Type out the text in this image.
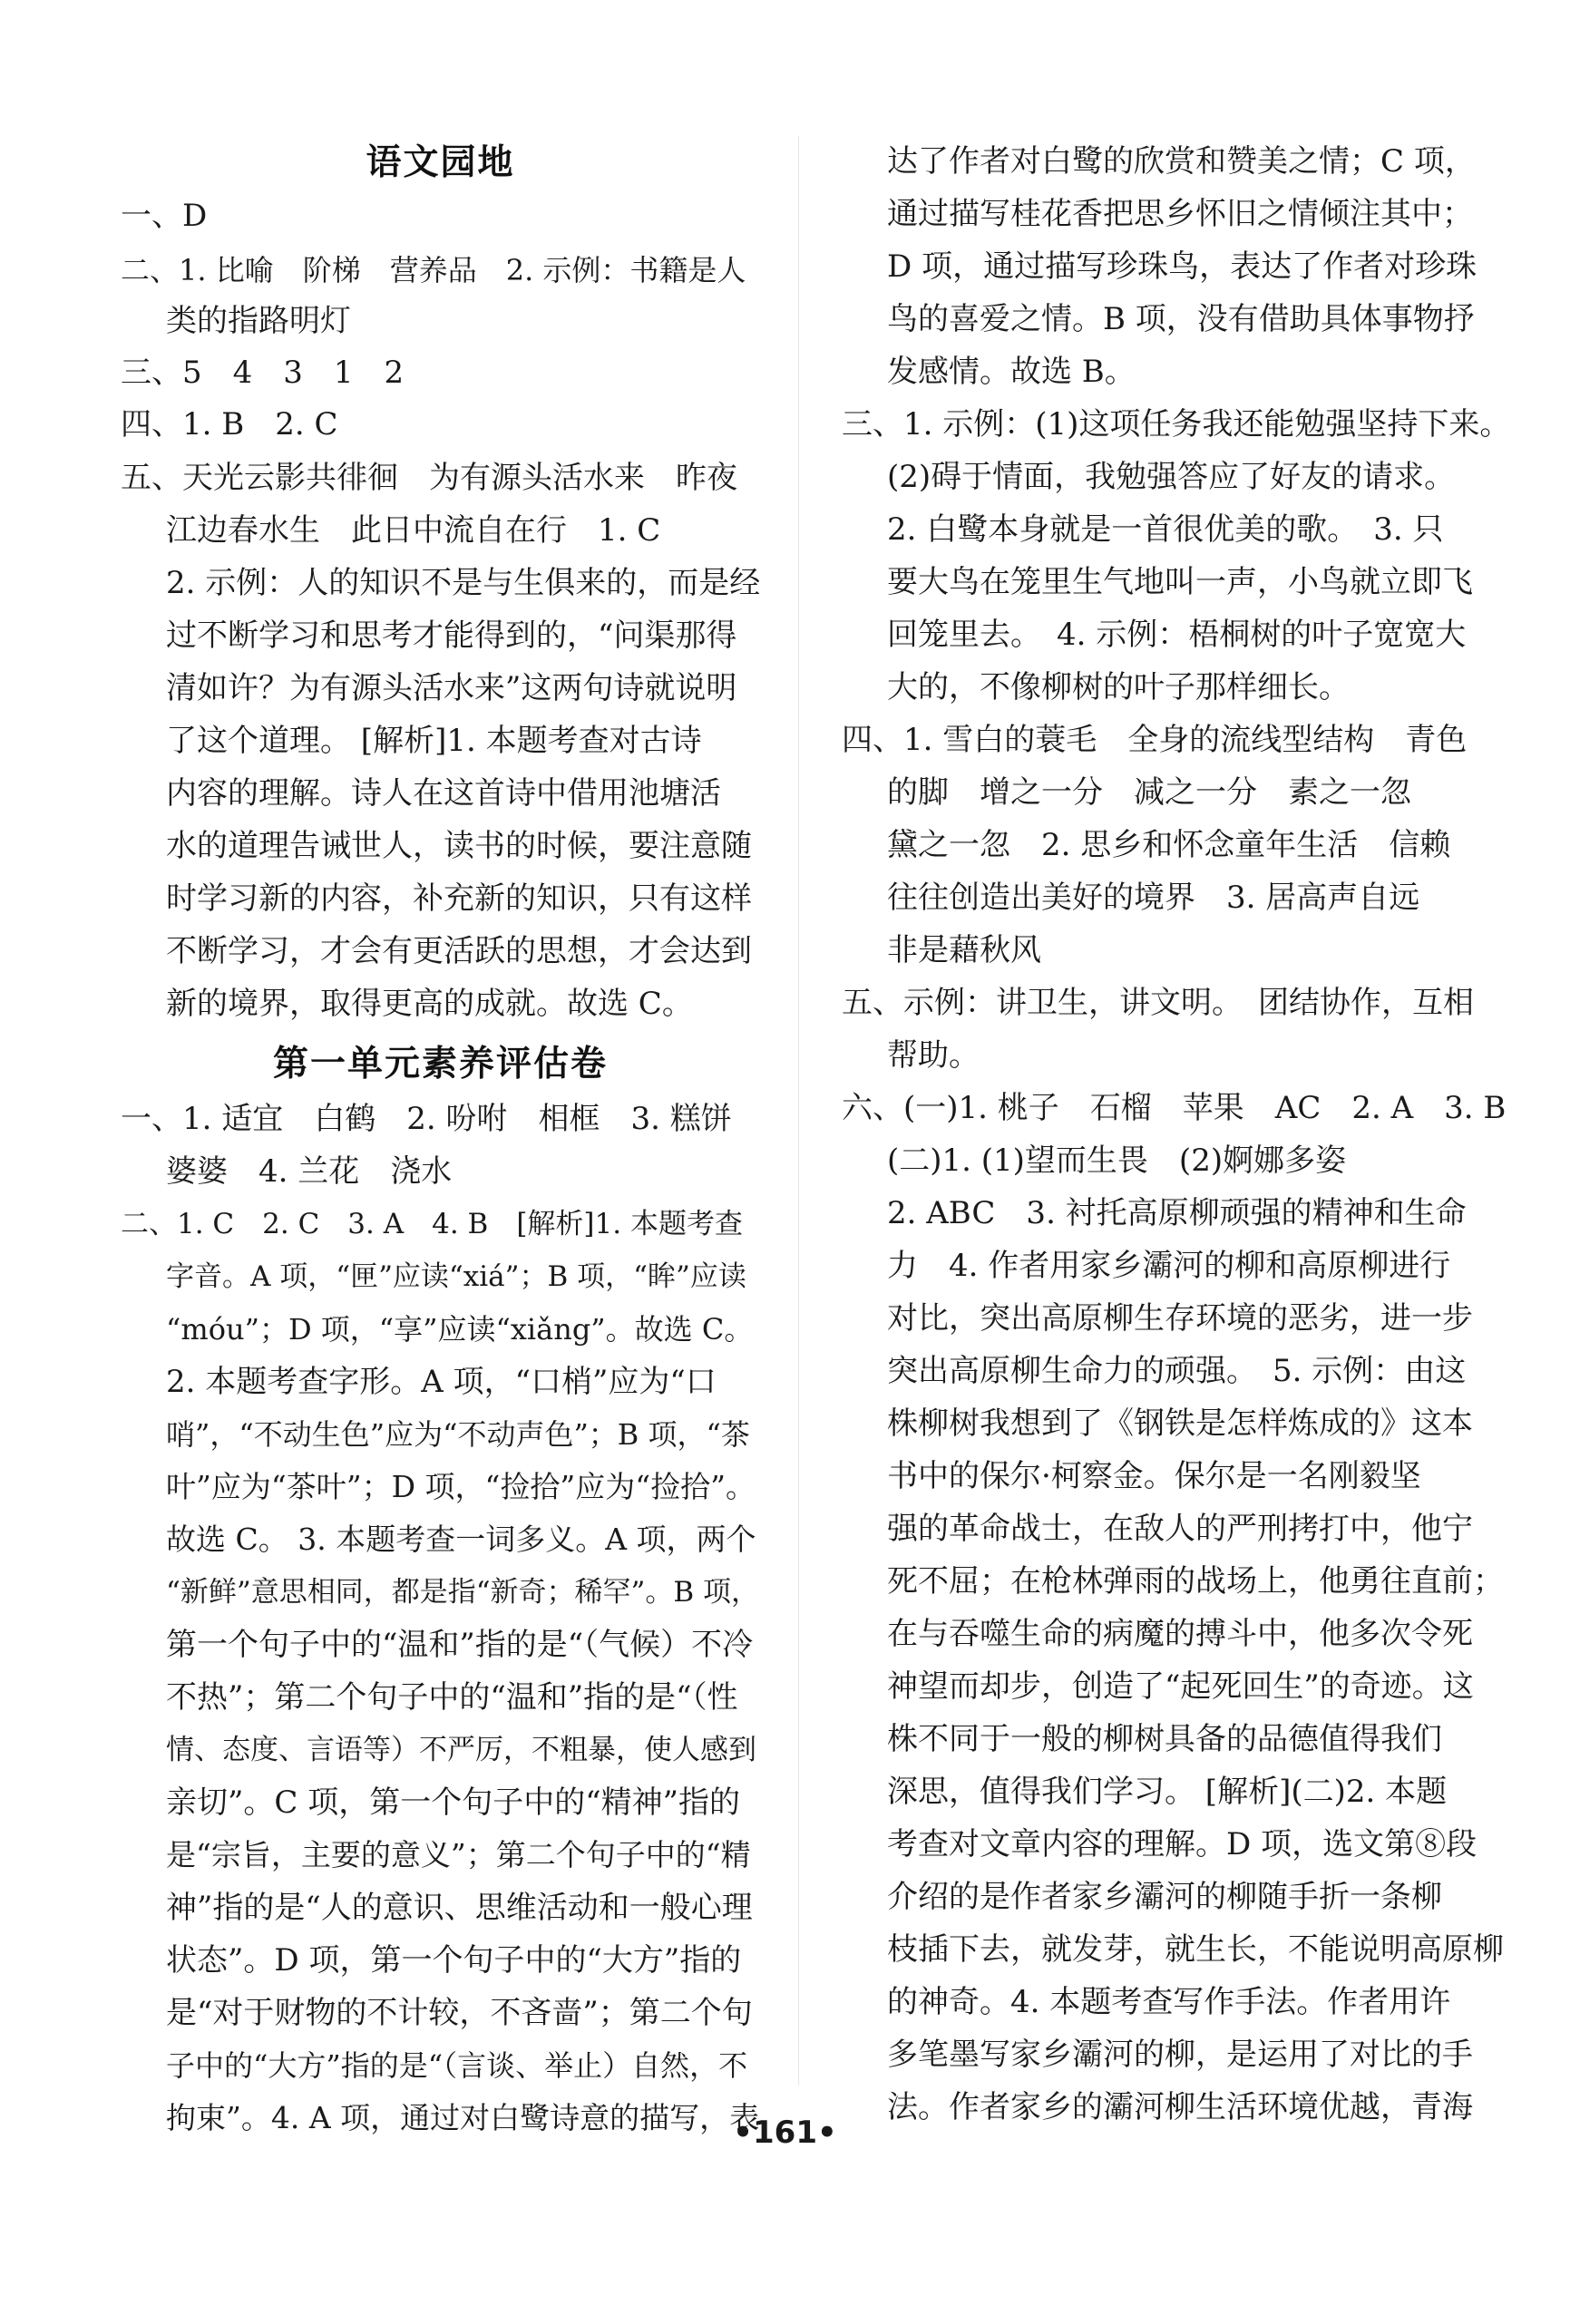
语文园地
一、D
二、1. 比喻　阶梯　营养品　2. 示例：书籍是人
类的指路明灯
三、5　4　3　1　2
四、1. B　2. C
五、天光云影共徘徊　为有源头活水来　昨夜
江边春水生　此日中流自在行　1. C
2. 示例：人的知识不是与生俱来的，而是经
过不断学习和思考才能得到的，“问渠那得
清如许？为有源头活水来”这两句诗就说明
了这个道理。 [解析]1. 本题考查对古诗
内容的理解。诗人在这首诗中借用池塘活
水的道理告诫世人，读书的时候，要注意随
时学习新的内容，补充新的知识，只有这样
不断学习，才会有更活跃的思想，才会达到
新的境界，取得更高的成就。故选 C。
第一单元素养评估卷
一、1. 适宜　白鹤　2. 吩咐　相框　3. 糕饼
婆婆　4. 兰花　浇水
二、1. C　2. C　3. A　4. B　[解析]1. 本题考查
字音。A 项，“匣”应读“xiá”；B 项，“眸”应读
“móu”；D 项，“享”应读“xiǎng”。故选 C。
2. 本题考查字形。A 项，“口梢”应为“口
哨”，“不动生色”应为“不动声色”；B 项，“茶
叶”应为“茶叶”；D 项，“捡拾”应为“捡拾”。
故选 C。 3. 本题考查一词多义。A 项，两个
“新鲜”意思相同，都是指“新奇；稀罕”。B 项，
第一个句子中的“温和”指的是“（气候）不冷
不热”；第二个句子中的“温和”指的是“（性
情、态度、言语等）不严厉，不粗暴，使人感到
亲切”。C 项，第一个句子中的“精神”指的
是“宗旨，主要的意义”；第二个句子中的“精
神”指的是“人的意识、思维活动和一般心理
状态”。D 项，第一个句子中的“大方”指的
是“对于财物的不计较，不吝啬”；第二个句
子中的“大方”指的是“（言谈、举止）自然，不
拘束”。4. A 项，通过对白鹭诗意的描写，表
达了作者对白鹭的欣赏和赞美之情；C 项，
通过描写桂花香把思乡怀旧之情倾注其中；
D 项，通过描写珍珠鸟，表达了作者对珍珠
鸟的喜爱之情。B 项，没有借助具体事物抒
发感情。故选 B。
三、1. 示例：(1)这项任务我还能勉强坚持下来。
(2)碍于情面，我勉强答应了好友的请求。
2. 白鹭本身就是一首很优美的歌。　3. 只
要大鸟在笼里生气地叫一声，小鸟就立即飞
回笼里去。　4. 示例：梧桐树的叶子宽宽大
大的，不像柳树的叶子那样细长。
四、1. 雪白的蓑毛　全身的流线型结构　青色
的脚　增之一分　减之一分　素之一忽
黛之一忽　2. 思乡和怀念童年生活　信赖
往往创造出美好的境界　3. 居高声自远
非是藉秋风
五、示例：讲卫生，讲文明。　团结协作，互相
帮助。
六、(一)1. 桃子　石榴　苹果　AC　2. A　3. B
(二)1. (1)望而生畏　(2)婀娜多姿
2. ABC　3. 衬托高原柳顽强的精神和生命
力　4. 作者用家乡灞河的柳和高原柳进行
对比，突出高原柳生存环境的恶劣，进一步
突出高原柳生命力的顽强。　5. 示例：由这
株柳树我想到了《钢铁是怎样炼成的》这本
书中的保尔·柯察金。保尔是一名刚毅坚
强的革命战士，在敌人的严刑拷打中，他宁
死不屈；在枪林弹雨的战场上，他勇往直前；
在与吞噬生命的病魔的搏斗中，他多次令死
神望而却步，创造了“起死回生”的奇迹。这
株不同于一般的柳树具备的品德值得我们
深思，值得我们学习。 [解析](二)2. 本题
考查对文章内容的理解。D 项，选文第⑧段
介绍的是作者家乡灞河的柳随手折一条柳
枝插下去，就发芽，就生长，不能说明高原柳
的神奇。4. 本题考查写作手法。作者用许
多笔墨写家乡灞河的柳，是运用了对比的手
法。作者家乡的灞河柳生活环境优越，青海
•161•
